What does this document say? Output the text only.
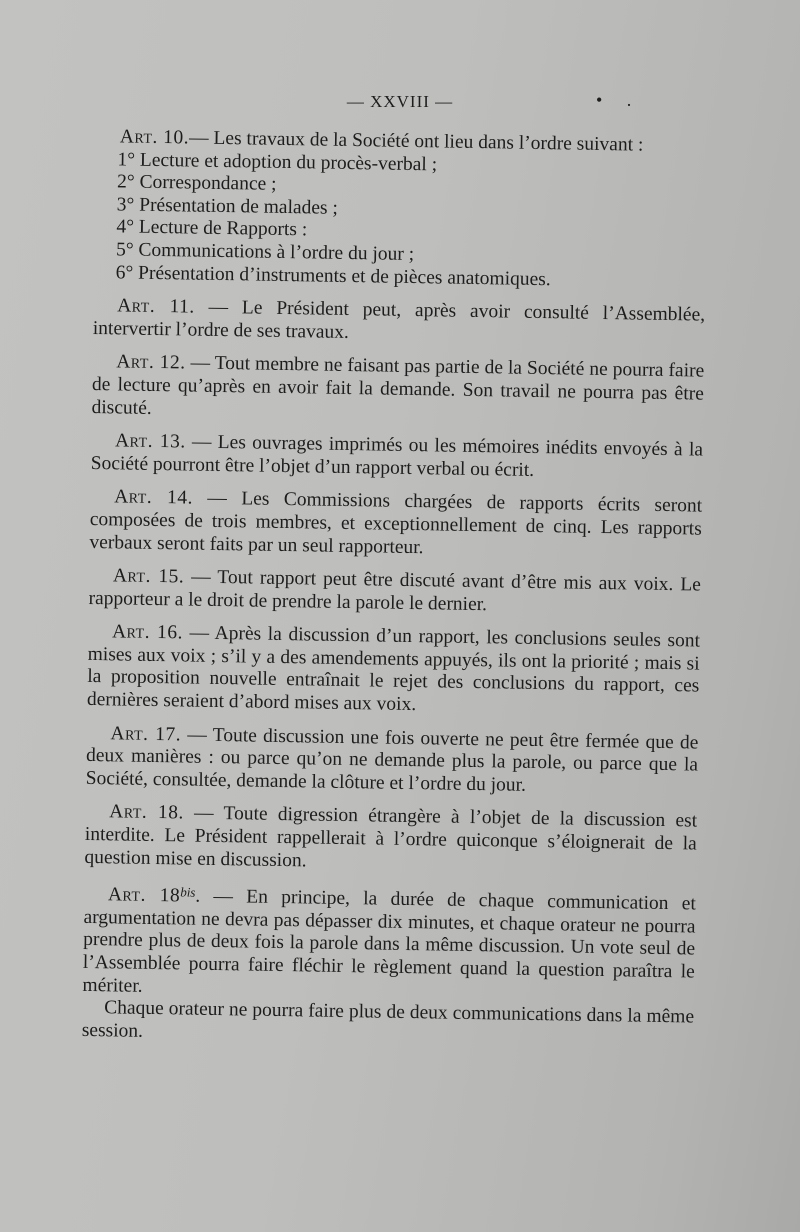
— XXVIII —	• .
Art. 10.— Les travaux de la Société ont lieu dans l’ordre suivant :
1° Lecture et adoption du procès-verbal ;
2° Correspondance ;
3° Présentation de malades ;
4° Lecture de Rapports :
5° Communications à l’ordre du jour ;
6° Présentation d’instruments et de pièces anatomiques.

Art. 11. — Le Président peut, après avoir consulté l’Assemblée, intervertir l’ordre de ses travaux.

Art. 12. — Tout membre ne faisant pas partie de la Société ne pourra faire de lecture qu’après en avoir fait la demande. Son travail ne pourra pas être discuté.

Art. 13. — Les ouvrages imprimés ou les mémoires inédits envoyés à la Société pourront être l’objet d’un rapport verbal ou écrit.

Art. 14. — Les Commissions chargées de rapports écrits seront composées de trois membres, et exceptionnellement de cinq. Les rapports verbaux seront faits par un seul rapporteur.

Art. 15. — Tout rapport peut être discuté avant d’être mis aux voix. Le rapporteur a le droit de prendre la parole le dernier.

Art. 16. — Après la discussion d’un rapport, les conclusions seules sont mises aux voix ; s’il y a des amendements appuyés, ils ont la priorité ; mais si la proposition nouvelle entraînait le rejet des conclusions du rapport, ces dernières seraient d’abord mises aux voix.

Art. 17. — Toute discussion une fois ouverte ne peut être fermée que de deux manières : ou parce qu’on ne demande plus la parole, ou parce que la Société, consultée, demande la clôture et l’ordre du jour.

Art. 18. — Toute digression étrangère à l’objet de la discussion est interdite. Le Président rappellerait à l’ordre quiconque s’éloignerait de la question mise en discussion.

Art. $18^{bis}$. — En principe, la durée de chaque communication et argumentation ne devra pas dépasser dix minutes, et chaque orateur ne pourra prendre plus de deux fois la parole dans la même discussion. Un vote seul de l’Assemblée pourra faire fléchir le règlement quand la question paraîtra le mériter.

Chaque orateur ne pourra faire plus de deux communications dans la même session.
